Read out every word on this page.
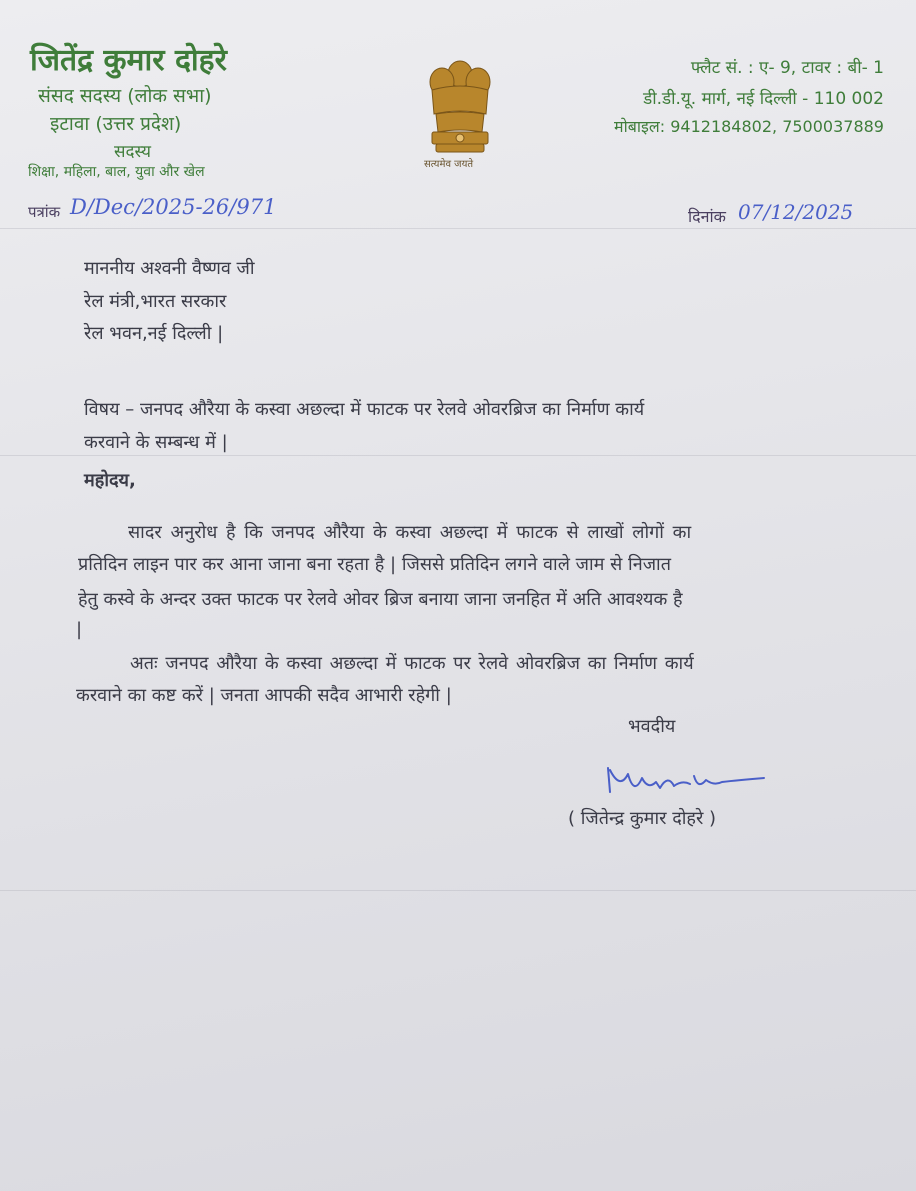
जितेंद्र कुमार दोहरे
संसद सदस्य (लोक सभा)
इटावा (उत्तर प्रदेश)
सदस्य
शिक्षा, महिला, बाल, युवा और खेल
फ्लैट सं. : ए- 9, टावर : बी- 1
डी.डी.यू. मार्ग, नई दिल्ली - 110 002
मोबाइल: 9412184802, 7500037889
सत्यमेव जयते
पत्रांक D/Dec/2025-26/971	दिनांक 07/12/2025
माननीय अश्वनी वैष्णव जी
रेल मंत्री,भारत सरकार
रेल भवन,नई दिल्ली |
विषय – जनपद औरैया के कस्वा अछल्दा में फाटक पर रेलवे ओवरब्रिज का निर्माण कार्य
करवाने के सम्बन्ध में |
महोदय,
सादर अनुरोध है कि जनपद औरैया के कस्वा अछल्दा में फाटक से लाखों लोगों का
प्रतिदिन लाइन पार कर आना जाना बना रहता है | जिससे प्रतिदिन लगने वाले जाम से निजात
हेतु कस्वे के अन्दर उक्त फाटक पर रेलवे ओवर ब्रिज बनाया जाना जनहित में अति आवश्यक है
|
अतः जनपद औरैया के कस्वा अछल्दा में फाटक पर रेलवे ओवरब्रिज का निर्माण कार्य
करवाने का कष्ट करें | जनता आपकी सदैव आभारी रहेगी |
भवदीय
( जितेन्द्र कुमार दोहरे )
